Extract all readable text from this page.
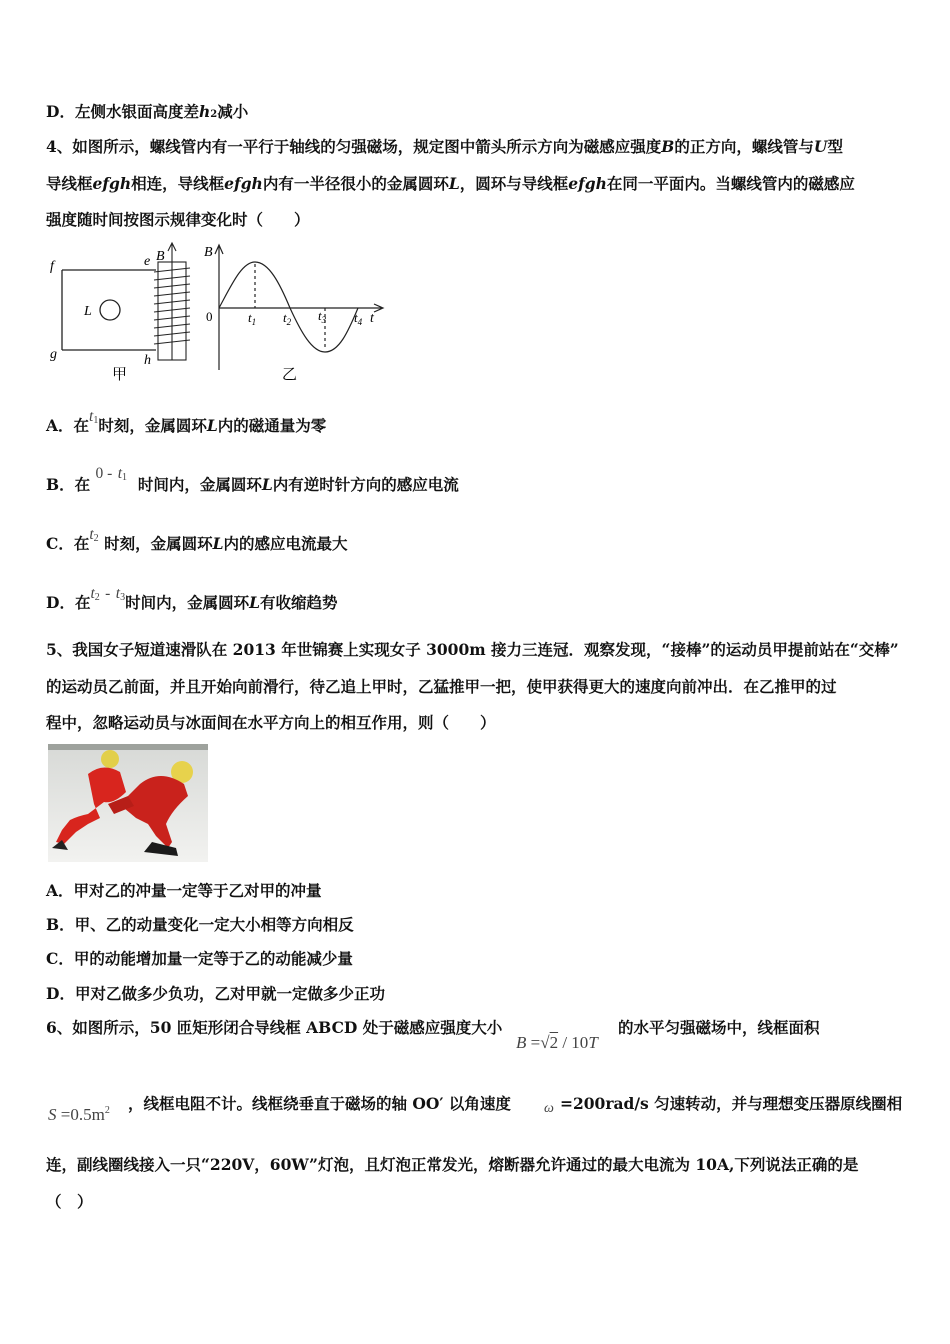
D．左侧水银面高度差h2减小
4、如图所示，螺线管内有一平行于轴线的匀强磁场，规定图中箭头所示方向为磁感应强度B的正方向，螺线管与U型
导线框efgh相连，导线框efgh内有一半径很小的金属圆环L，圆环与导线框efgh在同一平面内。当螺线管内的磁感应
强度随时间按图示规律变化时（　　）
L
f
g
e
h
B
甲
B
0	$t_1$ $t_2$ $t_3$ $t_4$ t
乙
A．在$t^1$时刻，金属圆环L内的磁通量为零
B．在 $0 - t^1$ 时间内，金属圆环L内有逆时针方向的感应电流
C．在$t^2$ 时刻，金属圆环L内的感应电流最大
D．在$t^2 - t^3$时间内，金属圆环L有收缩趋势
5、我国女子短道速滑队在 2013 年世锦赛上实现女子 3000m 接力三连冠．观察发现，“接棒”的运动员甲提前站在“交棒”
的运动员乙前面，并且开始向前滑行，待乙追上甲时，乙猛推甲一把，使甲获得更大的速度向前冲出．在乙推甲的过
程中，忽略运动员与冰面间在水平方向上的相互作用，则（　　）
A．甲对乙的冲量一定等于乙对甲的冲量
B．甲、乙的动量变化一定大小相等方向相反
C．甲的动能增加量一定等于乙的动能减少量
D．甲对乙做多少负功，乙对甲就一定做多少正功
6、如图所示，50 匝矩形闭合导线框 ABCD 处于磁感应强度大小
B =√2 / 10T
的水平匀强磁场中，线框面积
$S =0.5m^2$ ，线框电阻不计。线框绕垂直于磁场的轴 OO′ 以角速度 ω =200rad/s 匀速转动，并与理想变压器原线圈相
连，副线圈线接入一只“220V，60W”灯泡，且灯泡正常发光，熔断器允许通过的最大电流为 10A,下列说法正确的是
（　）
